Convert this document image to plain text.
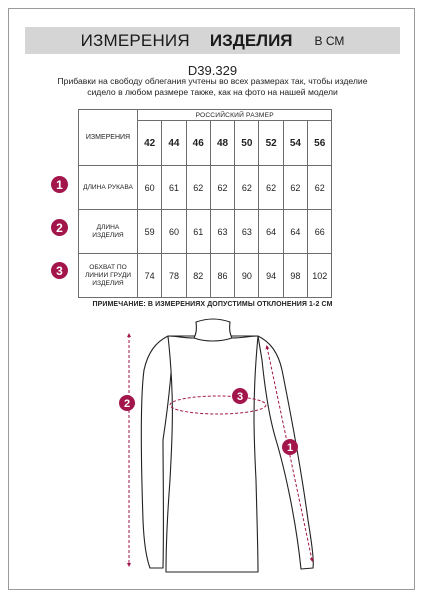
ИЗМЕРЕНИЯ ИЗДЕЛИЯ В СМ
D39.329
Прибавки на свободу облегания учтены во всех размерах так, чтобы изделие сидело в любом размере также, как на фото на нашей модели
ИЗМЕРЕНИЯ	РОССИЙСКИЙ РАЗМЕР							
	42	44	46	48	50	52	54	56
ДЛИНА РУКАВА	60	61	62	62	62	62	62	62
ДЛИНА ИЗДЕЛИЯ	59	60	61	63	63	64	64	66
ОБХВАТ ПО ЛИНИИ ГРУДИ ИЗДЕЛИЯ	74	78	82	86	90	94	98	102
1
2
3
ПРИМЕЧАНИЕ: В ИЗМЕРЕНИЯХ ДОПУСТИМЫ ОТКЛОНЕНИЯ 1-2 СМ
1
2
3
